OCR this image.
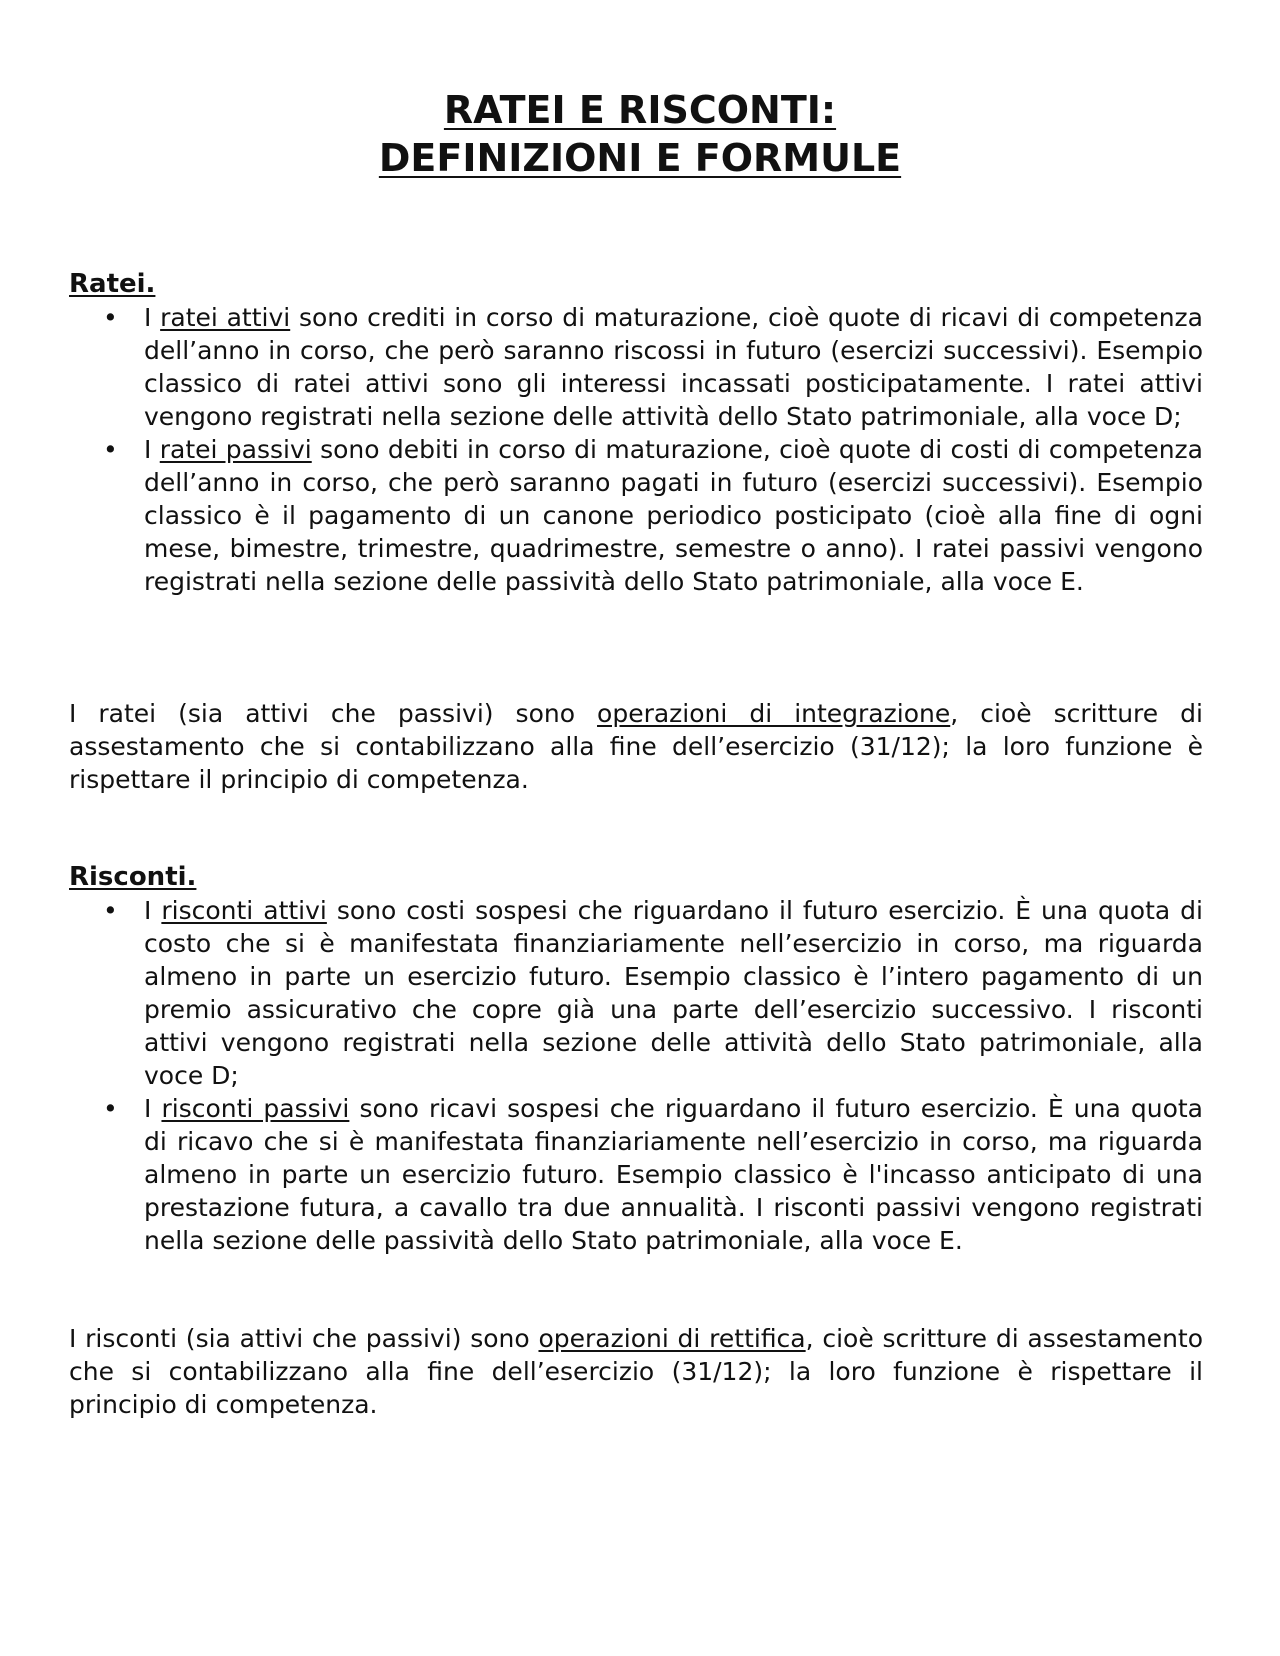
RATEI E RISCONTI:
DEFINIZIONI E FORMULE
Ratei.
• I ratei attivi sono crediti in corso di maturazione, cioè quote di ricavi di competenza dell’anno in corso, che però saranno riscossi in futuro (esercizi successivi). Esempio classico di ratei attivi sono gli interessi incassati posticipatamente. I ratei attivi vengono registrati nella sezione delle attività dello Stato patrimoniale, alla voce D;
• I ratei passivi sono debiti in corso di maturazione, cioè quote di costi di competenza dell’anno in corso, che però saranno pagati in futuro (esercizi successivi). Esempio classico è il pagamento di un canone periodico posticipato (cioè alla fine di ogni mese, bimestre, trimestre, quadrimestre, semestre o anno). I ratei passivi vengono registrati nella sezione delle passività dello Stato patrimoniale, alla voce E.

I ratei (sia attivi che passivi) sono operazioni di integrazione, cioè scritture di assestamento che si contabilizzano alla fine dell’esercizio (31/12); la loro funzione è rispettare il principio di competenza.

Risconti.
• I risconti attivi sono costi sospesi che riguardano il futuro esercizio. È una quota di costo che si è manifestata finanziariamente nell’esercizio in corso, ma riguarda almeno in parte un esercizio futuro. Esempio classico è l’intero pagamento di un premio assicurativo che copre già una parte dell’esercizio successivo. I risconti attivi vengono registrati nella sezione delle attività dello Stato patrimoniale, alla voce D;
• I risconti passivi sono ricavi sospesi che riguardano il futuro esercizio. È una quota di ricavo che si è manifestata finanziariamente nell’esercizio in corso, ma riguarda almeno in parte un esercizio futuro. Esempio classico è l'incasso anticipato di una prestazione futura, a cavallo tra due annualità. I risconti passivi vengono registrati nella sezione delle passività dello Stato patrimoniale, alla voce E.

I risconti (sia attivi che passivi) sono operazioni di rettifica, cioè scritture di assestamento che si contabilizzano alla fine dell’esercizio (31/12); la loro funzione è rispettare il principio di competenza.
